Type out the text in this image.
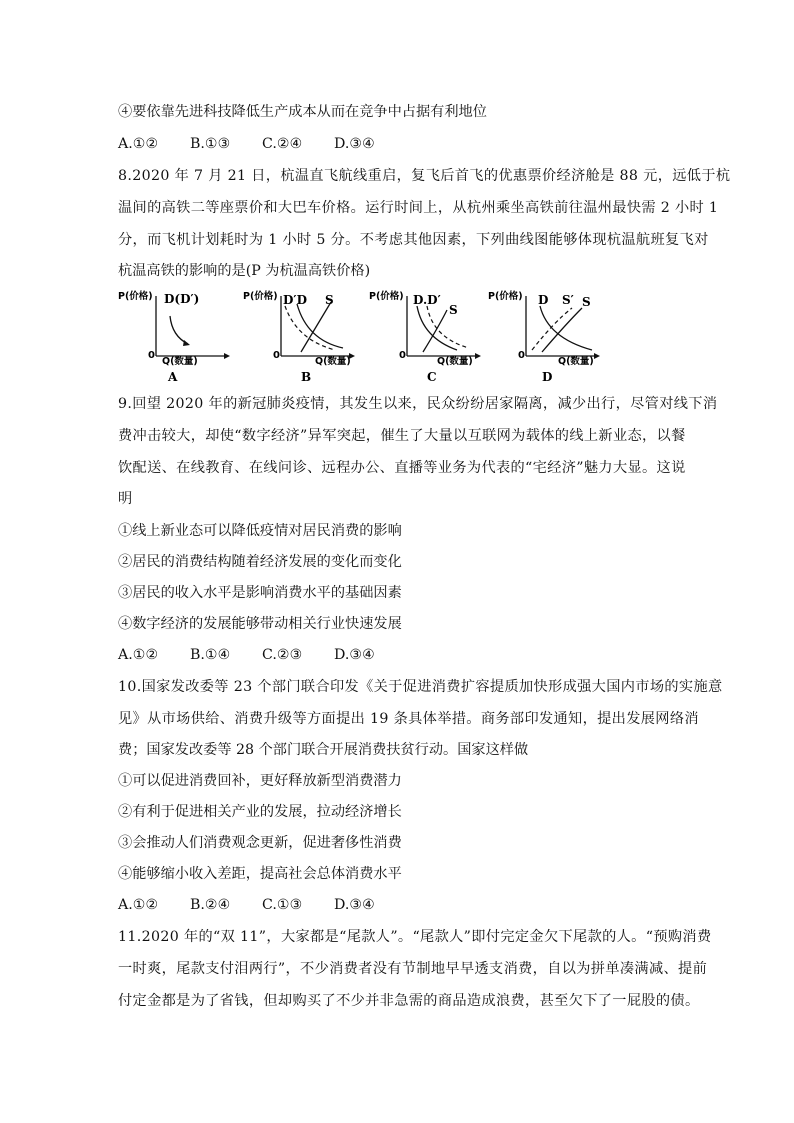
④要依靠先进科技降低生产成本从而在竞争中占据有利地位
A.①② B.①③ C.②④ D.③④
8.2020 年 7 月 21 日，杭温直飞航线重启，复飞后首飞的优惠票价经济舱是 88 元，远低于杭
温间的高铁二等座票价和大巴车价格。运行时间上，从杭州乘坐高铁前往温州最快需 2 小时 1
分，而飞机计划耗时为 1 小时 5 分。不考虑其他因素，下列曲线图能够体现杭温航班复飞对
杭温高铁的影响的是(P 为杭温高铁价格)
P(价格) D(D′)
0
Q(数量)
A
P(价格) D′D S
0
Q(数量)
B
P(价格) D.D′
S
0
Q(数量)
C
P(价格) D S′ S
0
Q(数量)
D
9.回望 2020 年的新冠肺炎疫情，其发生以来，民众纷纷居家隔离，减少出行，尽管对线下消
费冲击较大，却使“数字经济”异军突起，催生了大量以互联网为载体的线上新业态，以餐
饮配送、在线教育、在线问诊、远程办公、直播等业务为代表的“宅经济”魅力大显。这说
明
①线上新业态可以降低疫情对居民消费的影响
②居民的消费结构随着经济发展的变化而变化
③居民的收入水平是影响消费水平的基础因素
④数字经济的发展能够带动相关行业快速发展
A.①② B.①④ C.②③ D.③④
10.国家发改委等 23 个部门联合印发《关于促进消费扩容提质加快形成强大国内市场的实施意
见》从市场供给、消费升级等方面提出 19 条具体举措。商务部印发通知，提出发展网络消
费；国家发改委等 28 个部门联合开展消费扶贫行动。国家这样做
①可以促进消费回补，更好释放新型消费潜力
②有利于促进相关产业的发展，拉动经济增长
③会推动人们消费观念更新，促进奢侈性消费
④能够缩小收入差距，提高社会总体消费水平
A.①② B.②④ C.①③ D.③④
11.2020 年的“双 11”，大家都是“尾款人”。“尾款人”即付完定金欠下尾款的人。“预购消费
一时爽，尾款支付泪两行”，不少消费者没有节制地早早透支消费，自以为拼单凑满减、提前
付定金都是为了省钱，但却购买了不少并非急需的商品造成浪费，甚至欠下了一屁股的债。
